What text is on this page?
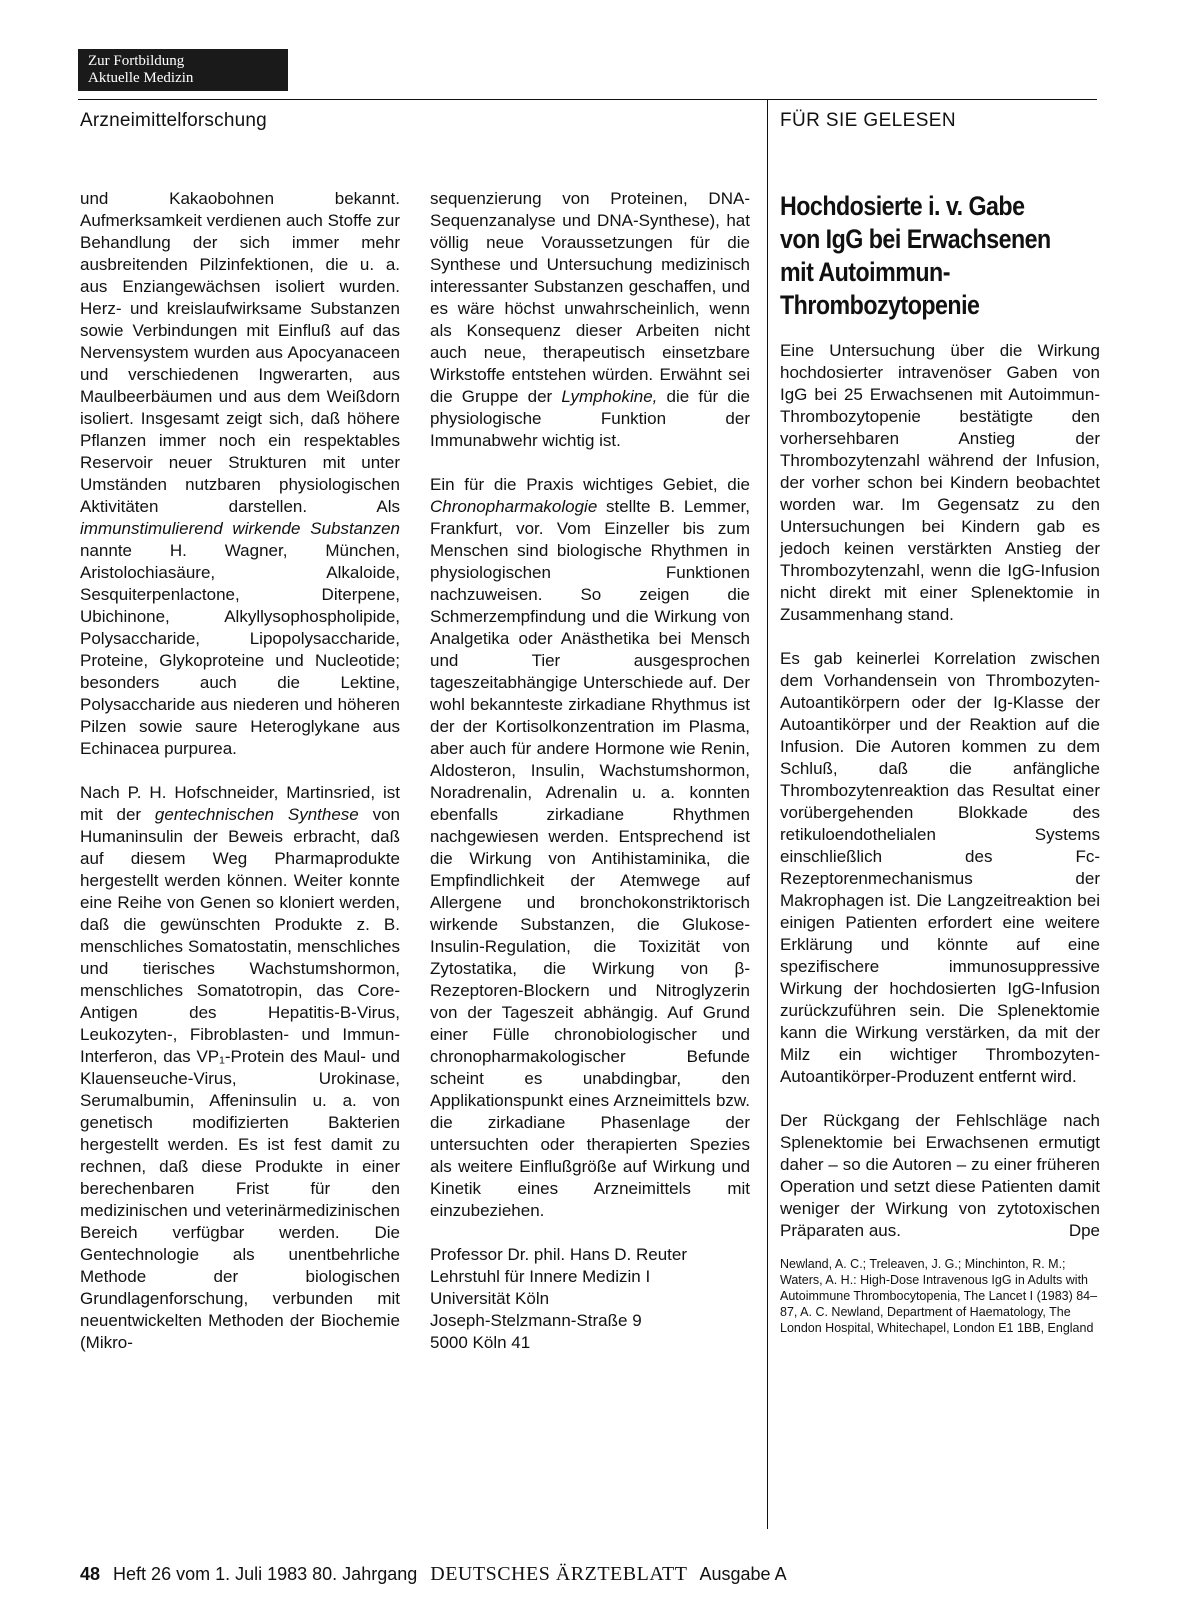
Zur Fortbildung
Aktuelle Medizin
Arzneimittelforschung	FÜR SIE GELESEN

und Kakaobohnen bekannt. Aufmerksamkeit verdienen auch Stoffe zur Behandlung der sich immer mehr ausbreitenden Pilzinfektionen, die u. a. aus Enziangewächsen isoliert wurden. Herz- und kreislaufwirksame Substanzen sowie Verbindungen mit Einfluß auf das Nervensystem wurden aus Apocyanaceen und verschiedenen Ingwerarten, aus Maulbeerbäumen und aus dem Weißdorn isoliert. Insgesamt zeigt sich, daß höhere Pflanzen immer noch ein respektables Reservoir neuer Strukturen mit unter Umständen nutzbaren physiologischen Aktivitäten darstellen. Als immunstimulierend wirkende Substanzen nannte H. Wagner, München, Aristolochiasäure, Alkaloide, Sesquiterpenlactone, Diterpene, Ubichinone, Alkyllysophospholipide, Polysaccharide, Lipopolysaccharide, Proteine, Glykoproteine und Nucleotide; besonders auch die Lektine, Polysaccharide aus niederen und höheren Pilzen sowie saure Heteroglykane aus Echinacea purpurea.

Nach P. H. Hofschneider, Martinsried, ist mit der gentechnischen Synthese von Humaninsulin der Beweis erbracht, daß auf diesem Weg Pharmaprodukte hergestellt werden können. Weiter konnte eine Reihe von Genen so kloniert werden, daß die gewünschten Produkte z. B. menschliches Somatostatin, menschliches und tierisches Wachstumshormon, menschliches Somatotropin, das Core-Antigen des Hepatitis-B-Virus, Leukozyten-, Fibroblasten- und Immun-Interferon, das VP₁-Protein des Maul- und Klauenseuche-Virus, Urokinase, Serumalbumin, Affeninsulin u. a. von genetisch modifizierten Bakterien hergestellt werden. Es ist fest damit zu rechnen, daß diese Produkte in einer berechenbaren Frist für den medizinischen und veterinärmedizinischen Bereich verfügbar werden. Die Gentechnologie als unentbehrliche Methode der biologischen Grundlagenforschung, verbunden mit neuentwickelten Methoden der Biochemie (Mikro-

sequenzierung von Proteinen, DNA-Sequenzanalyse und DNA-Synthese), hat völlig neue Voraussetzungen für die Synthese und Untersuchung medizinisch interessanter Substanzen geschaffen, und es wäre höchst unwahrscheinlich, wenn als Konsequenz dieser Arbeiten nicht auch neue, therapeutisch einsetzbare Wirkstoffe entstehen würden. Erwähnt sei die Gruppe der Lymphokine, die für die physiologische Funktion der Immunabwehr wichtig ist.

Ein für die Praxis wichtiges Gebiet, die Chronopharmakologie stellte B. Lemmer, Frankfurt, vor. Vom Einzeller bis zum Menschen sind biologische Rhythmen in physiologischen Funktionen nachzuweisen. So zeigen die Schmerzempfindung und die Wirkung von Analgetika oder Anästhetika bei Mensch und Tier ausgesprochen tageszeitabhängige Unterschiede auf. Der wohl bekannteste zirkadiane Rhythmus ist der der Kortisolkonzentration im Plasma, aber auch für andere Hormone wie Renin, Aldosteron, Insulin, Wachstumshormon, Noradrenalin, Adrenalin u. a. konnten ebenfalls zirkadiane Rhythmen nachgewiesen werden. Entsprechend ist die Wirkung von Antihistaminika, die Empfindlichkeit der Atemwege auf Allergene und bronchokonstriktorisch wirkende Substanzen, die Glukose-Insulin-Regulation, die Toxizität von Zytostatika, die Wirkung von β-Rezeptoren-Blockern und Nitroglyzerin von der Tageszeit abhängig. Auf Grund einer Fülle chronobiologischer und chronopharmakologischer Befunde scheint es unabdingbar, den Applikationspunkt eines Arzneimittels bzw. die zirkadiane Phasenlage der untersuchten oder therapierten Spezies als weitere Einflußgröße auf Wirkung und Kinetik eines Arzneimittels mit einzubeziehen.

Professor Dr. phil. Hans D. Reuter
Lehrstuhl für Innere Medizin I
Universität Köln
Joseph-Stelzmann-Straße 9
5000 Köln 41
Hochdosierte i. v. Gabe
von IgG bei Erwachsenen
mit Autoimmun-
Thrombozytopenie

Eine Untersuchung über die Wirkung hochdosierter intravenöser Gaben von IgG bei 25 Erwachsenen mit Autoimmun-Thrombozytopenie bestätigte den vorhersehbaren Anstieg der Thrombozytenzahl während der Infusion, der vorher schon bei Kindern beobachtet worden war. Im Gegensatz zu den Untersuchungen bei Kindern gab es jedoch keinen verstärkten Anstieg der Thrombozytenzahl, wenn die IgG-Infusion nicht direkt mit einer Splenektomie in Zusammenhang stand.

Es gab keinerlei Korrelation zwischen dem Vorhandensein von Thrombozyten-Autoantikörpern oder der Ig-Klasse der Autoantikörper und der Reaktion auf die Infusion. Die Autoren kommen zu dem Schluß, daß die anfängliche Thrombozytenreaktion das Resultat einer vorübergehenden Blokkade des retikuloendothelialen Systems einschließlich des Fc-Rezeptorenmechanismus der Makrophagen ist. Die Langzeitreaktion bei einigen Patienten erfordert eine weitere Erklärung und könnte auf eine spezifischere immunosuppressive Wirkung der hochdosierten IgG-Infusion zurückzuführen sein. Die Splenektomie kann die Wirkung verstärken, da mit der Milz ein wichtiger Thrombozyten-Autoantikörper-Produzent entfernt wird.

Der Rückgang der Fehlschläge nach Splenektomie bei Erwachsenen ermutigt daher – so die Autoren – zu einer früheren Operation und setzt diese Patienten damit weniger der Wirkung von zytotoxischen Präparaten aus.	Dpe

Newland, A. C.; Treleaven, J. G.; Minchinton, R. M.; Waters, A. H.: High-Dose Intravenous IgG in Adults with Autoimmune Thrombocytopenia, The Lancet I (1983) 84–87, A. C. Newland, Department of Haematology, The London Hospital, Whitechapel, London E1 1BB, England
48 Heft 26 vom 1. Juli 1983 80. Jahrgang DEUTSCHES ÄRZTEBLATT Ausgabe A
